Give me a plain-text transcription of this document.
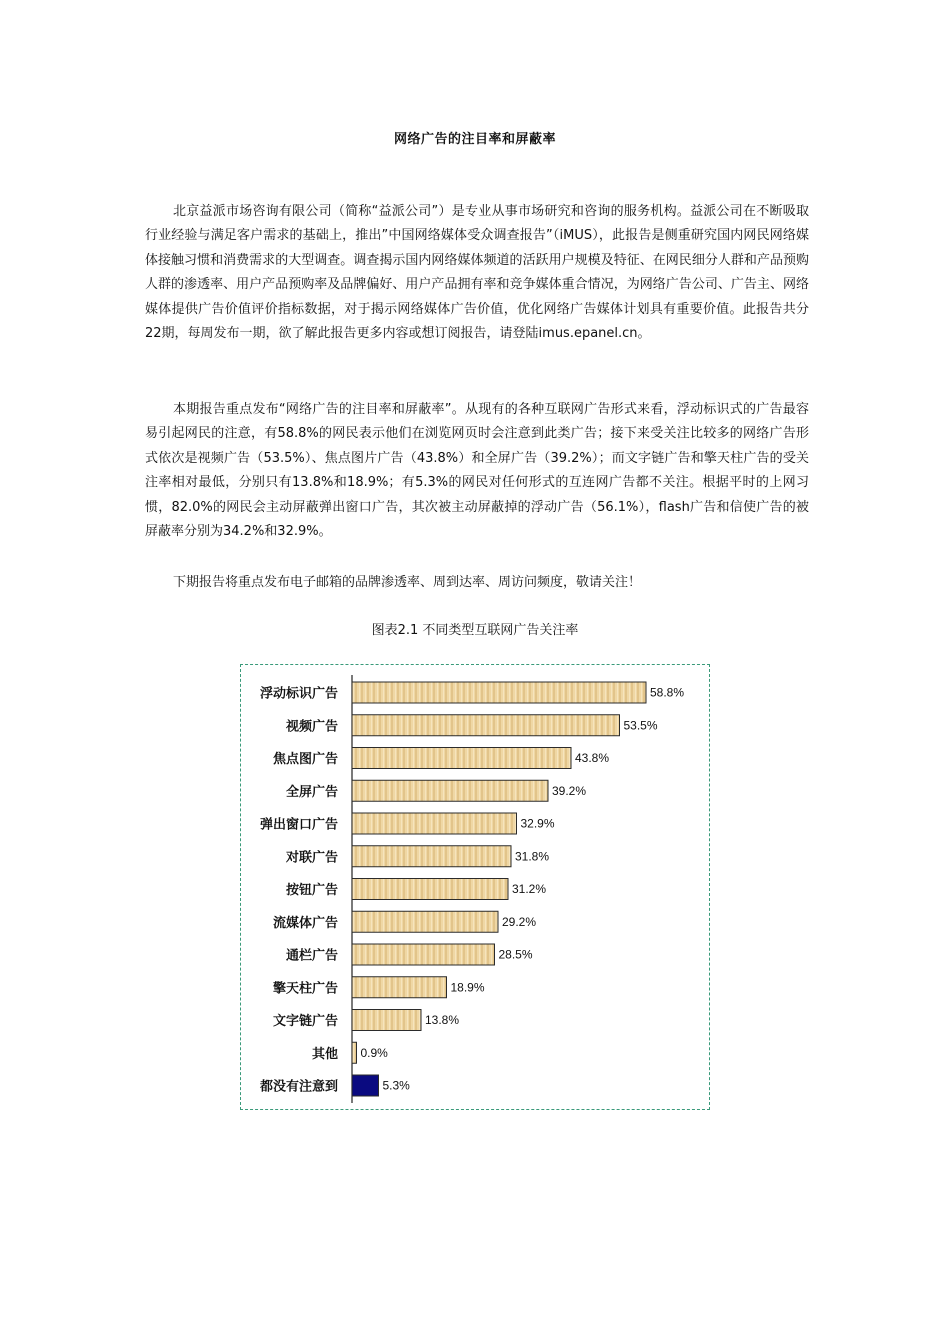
网络广告的注目率和屏蔽率

北京益派市场咨询有限公司（简称“益派公司”）是专业从事市场研究和咨询的服务机构。益派公司在不断吸取行业经验与满足客户需求的基础上，推出”中国网络媒体受众调查报告”（iMUS），此报告是侧重研究国内网民网络媒体接触习惯和消费需求的大型调查。调查揭示国内网络媒体频道的活跃用户规模及特征、在网民细分人群和产品预购人群的渗透率、用户产品预购率及品牌偏好、用户产品拥有率和竞争媒体重合情况，为网络广告公司、广告主、网络媒体提供广告价值评价指标数据，对于揭示网络媒体广告价值，优化网络广告媒体计划具有重要价值。此报告共分22期，每周发布一期，欲了解此报告更多内容或想订阅报告，请登陆imus.epanel.cn。

本期报告重点发布“网络广告的注目率和屏蔽率”。从现有的各种互联网广告形式来看，浮动标识式的广告最容易引起网民的注意，有58.8%的网民表示他们在浏览网页时会注意到此类广告；接下来受关注比较多的网络广告形式依次是视频广告（53.5%）、焦点图片广告（43.8%）和全屏广告（39.2%）；而文字链广告和擎天柱广告的受关注率相对最低，分别只有13.8%和18.9%；有5.3%的网民对任何形式的互连网广告都不关注。根据平时的上网习惯，82.0%的网民会主动屏蔽弹出窗口广告，其次被主动屏蔽掉的浮动广告（56.1%），flash广告和信使广告的被屏蔽率分别为34.2%和32.9%。

下期报告将重点发布电子邮箱的品牌渗透率、周到达率、周访问频度，敬请关注！

图表2.1 不同类型互联网广告关注率
浮动标识广告	58.8%
视频广告	53.5%
焦点图广告	43.8%
全屏广告	39.2%
弹出窗口广告	32.9%
对联广告	31.8%
按钮广告	31.2%
流媒体广告	29.2%
通栏广告	28.5%
擎天柱广告	18.9%
文字链广告	13.8%
其他 0.9%
都没有注意到	5.3%
